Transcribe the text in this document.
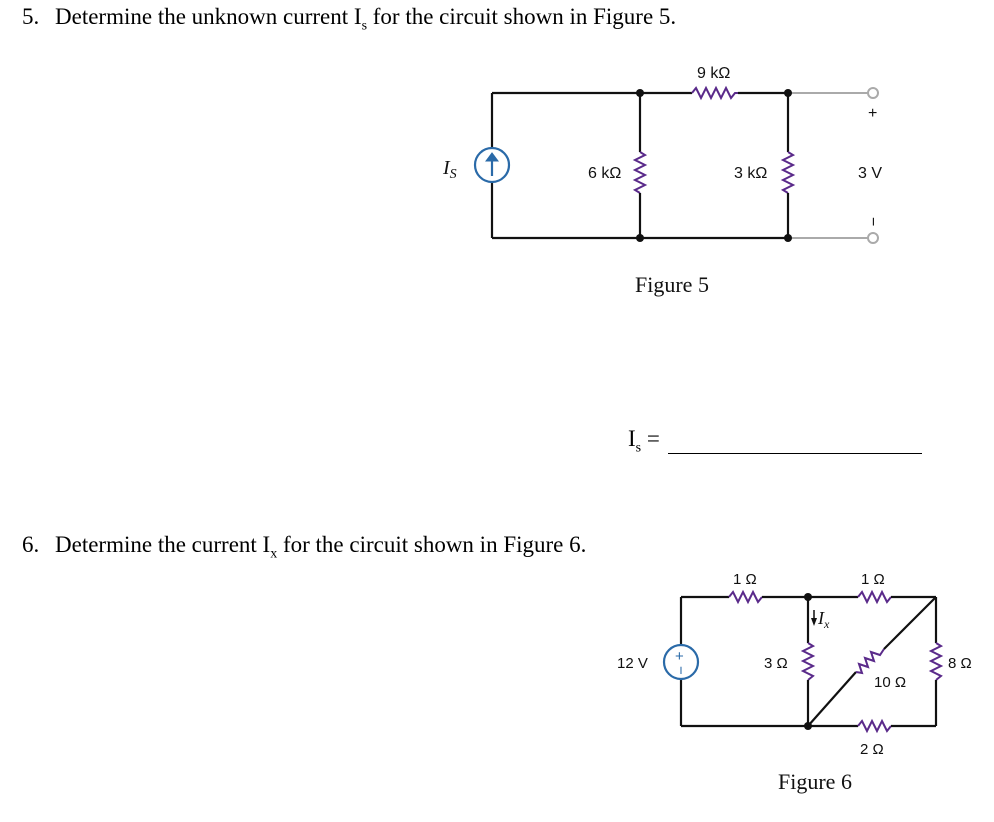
5. Determine the unknown current $I_s$ for the circuit shown in Figure 5.
$I_s$ =
6. Determine the current $I_x$ for the circuit shown in Figure 6.
$I_S$
9 kΩ
6 kΩ	3 kΩ	3 V
+
−
Figure 5
+
−
12 V
1 Ω	1 Ω
3 Ω
10 Ω
8 Ω
2 Ω
$I_x$
Figure 6
